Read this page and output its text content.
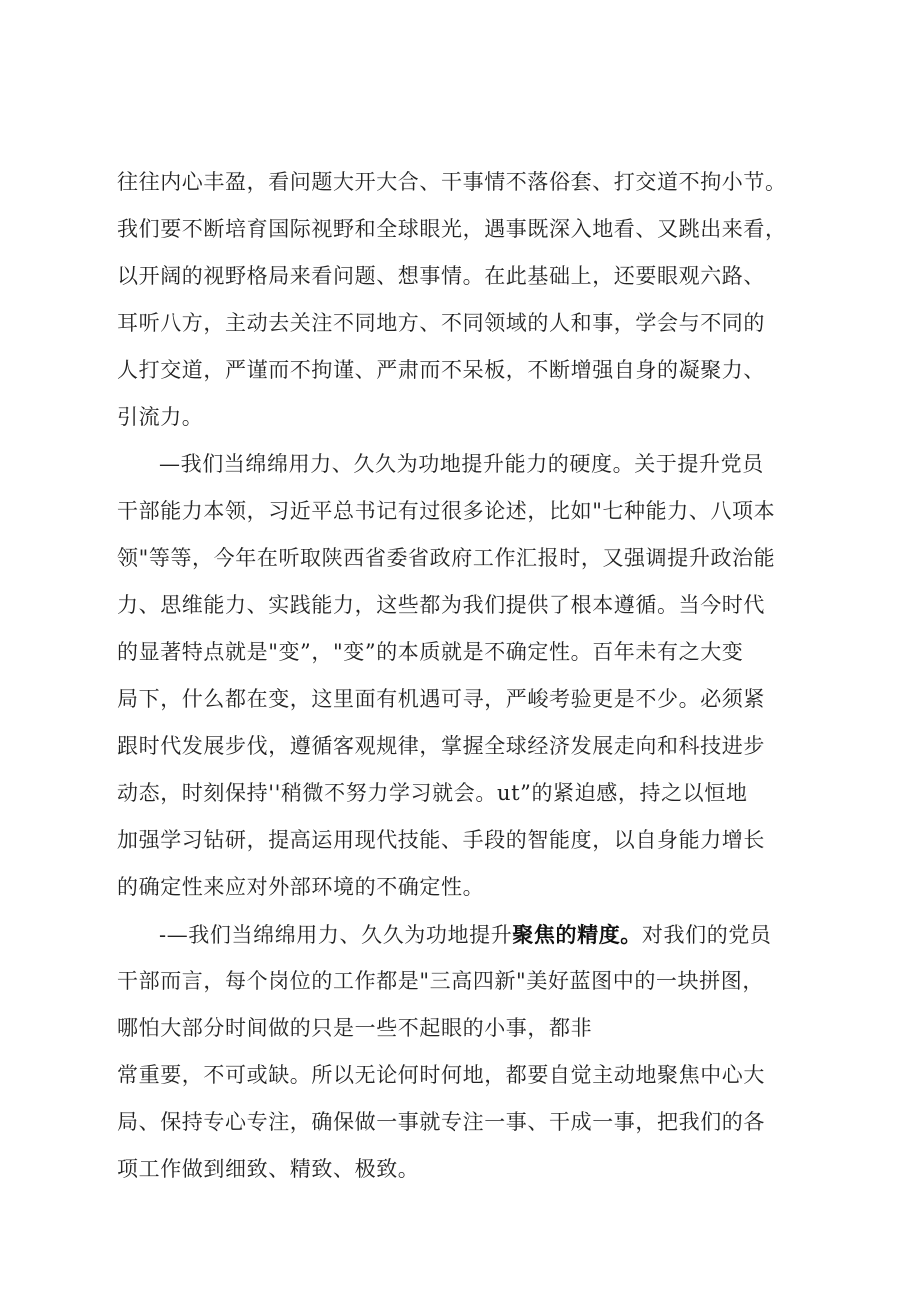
往往内心丰盈，看问题大开大合、干事情不落俗套、打交道不拘小节。
我们要不断培育国际视野和全球眼光，遇事既深入地看、又跳出来看，
以开阔的视野格局来看问题、想事情。在此基础上，还要眼观六路、
耳听八方，主动去关注不同地方、不同领域的人和事，学会与不同的
人打交道，严谨而不拘谨、严肃而不呆板，不断增强自身的凝聚力、
引流力。
—我们当绵绵用力、久久为功地提升能力的硬度。关于提升党员
干部能力本领，习近平总书记有过很多论述，比如"七种能力、八项本
领"等等，今年在听取陕西省委省政府工作汇报时，又强调提升政治能
力、思维能力、实践能力，这些都为我们提供了根本遵循。当今时代
的显著特点就是"变”，"变”的本质就是不确定性。百年未有之大变
局下，什么都在变，这里面有机遇可寻，严峻考验更是不少。必须紧
跟时代发展步伐，遵循客观规律，掌握全球经济发展走向和科技进步
动态，时刻保持''稍微不努力学习就会。ut”的紧迫感，持之以恒地
加强学习钻研，提高运用现代技能、手段的智能度，以自身能力增长
的确定性来应对外部环境的不确定性。
-—我们当绵绵用力、久久为功地提升聚焦的精度。对我们的党员
干部而言，每个岗位的工作都是"三高四新"美好蓝图中的一块拼图，
哪怕大部分时间做的只是一些不起眼的小事，都非
常重要，不可或缺。所以无论何时何地，都要自觉主动地聚焦中心大
局、保持专心专注，确保做一事就专注一事、干成一事，把我们的各
项工作做到细致、精致、极致。
